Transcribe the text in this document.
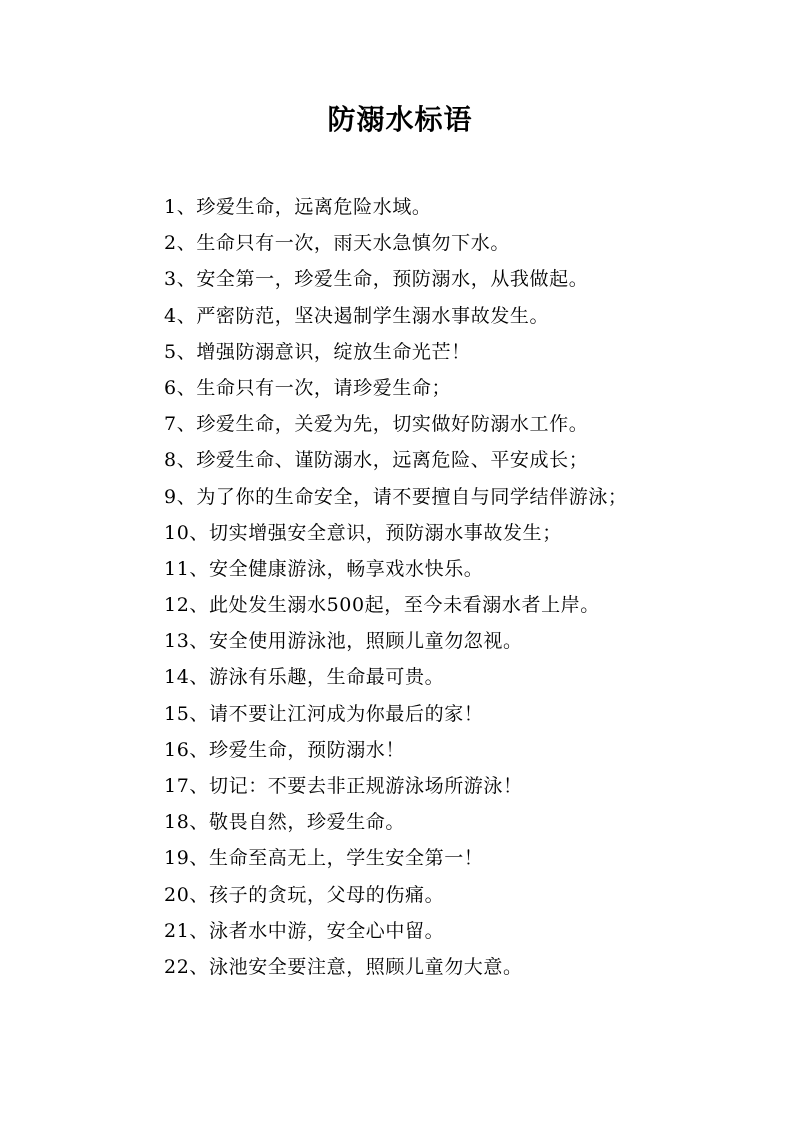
防溺水标语
1、珍爱生命，远离危险水域。
2、生命只有一次，雨天水急慎勿下水。
3、安全第一，珍爱生命，预防溺水，从我做起。
4、严密防范，坚决遏制学生溺水事故发生。
5、增强防溺意识，绽放生命光芒！
6、生命只有一次，请珍爱生命；
7、珍爱生命，关爱为先，切实做好防溺水工作。
8、珍爱生命、谨防溺水，远离危险、平安成长；
9、为了你的生命安全，请不要擅自与同学结伴游泳；
10、切实增强安全意识，预防溺水事故发生；
11、安全健康游泳，畅享戏水快乐。
12、此处发生溺水500起，至今未看溺水者上岸。
13、安全使用游泳池，照顾儿童勿忽视。
14、游泳有乐趣，生命最可贵。
15、请不要让江河成为你最后的家！
16、珍爱生命，预防溺水！
17、切记：不要去非正规游泳场所游泳！
18、敬畏自然，珍爱生命。
19、生命至高无上，学生安全第一！
20、孩子的贪玩，父母的伤痛。
21、泳者水中游，安全心中留。
22、泳池安全要注意，照顾儿童勿大意。
